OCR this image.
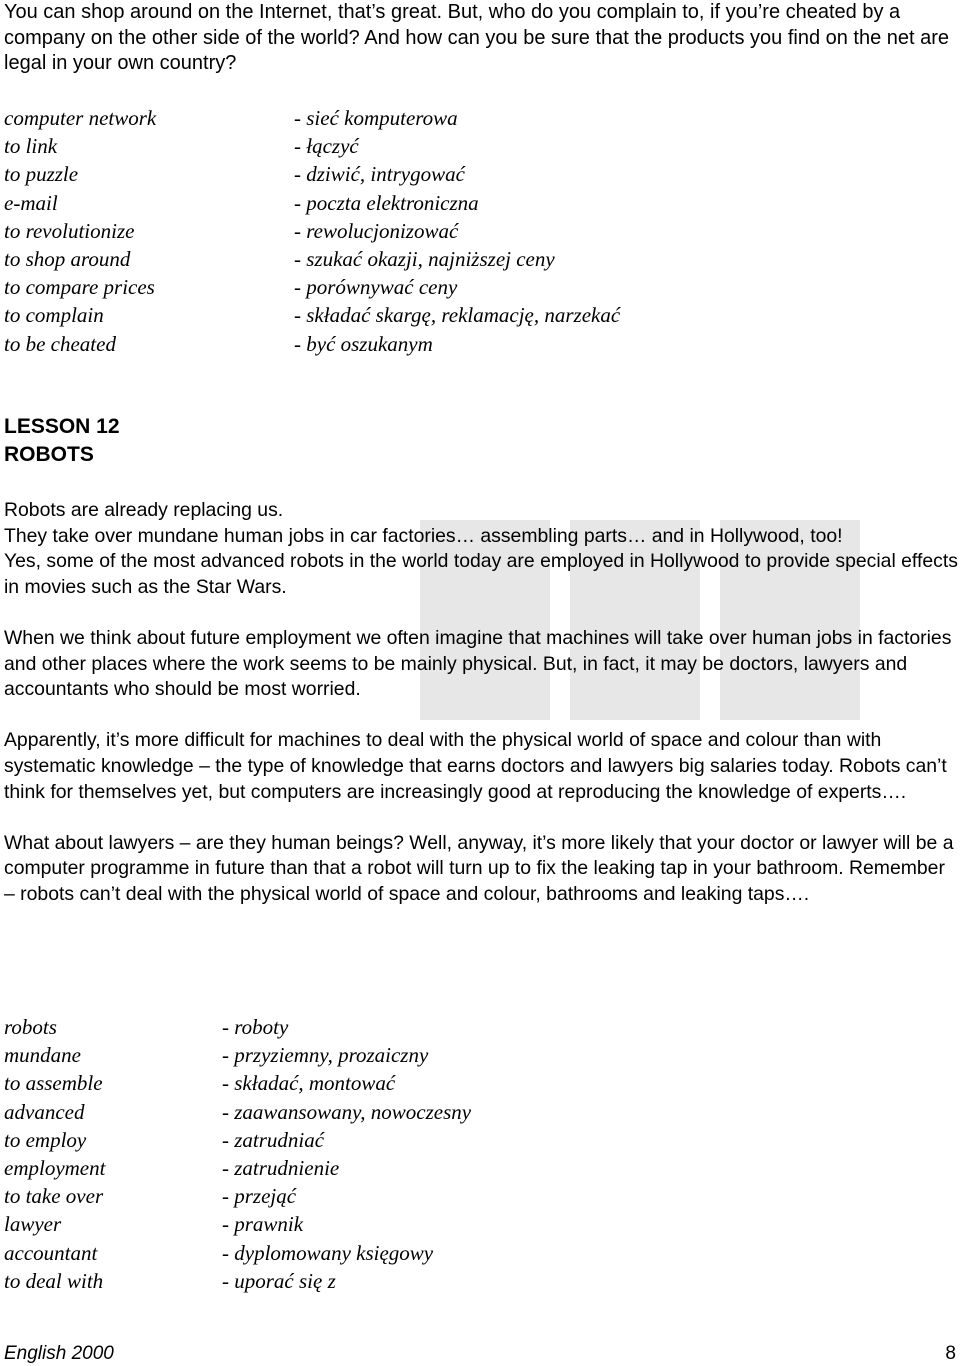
You can shop around on the Internet, that’s great. But, who do you complain to, if you’re cheated by a company on the other side of the world? And how can you be sure that the products you find on the net are legal in your own country?

computer network	- sieć komputerowa
to link	- łączyć
to puzzle	- dziwić, intrygować
e-mail	- poczta elektroniczna
to revolutionize	- rewolucjonizować
to shop around	- szukać okazji, najniższej ceny
to compare prices	- porównywać ceny
to complain	- składać skargę, reklamację, narzekać
to be cheated	- być oszukanym
LESSON 12
ROBOTS

Robots are already replacing us.

They take over mundane human jobs in car factories… assembling parts… and in Hollywood, too!

Yes, some of the most advanced robots in the world today are employed in Hollywood to provide special effects in movies such as the Star Wars.

When we think about future employment we often imagine that machines will take over human jobs in factories and other places where the work seems to be mainly physical. But, in fact, it may be doctors, lawyers and accountants who should be most worried.

Apparently, it’s more difficult for machines to deal with the physical world of space and colour than with systematic knowledge – the type of knowledge that earns doctors and lawyers big salaries today. Robots can’t think for themselves yet, but computers are increasingly good at reproducing the knowledge of experts….

What about lawyers – are they human beings? Well, anyway, it’s more likely that your doctor or lawyer will be a computer programme in future than that a robot will turn up to fix the leaking tap in your bathroom. Remember – robots can’t deal with the physical world of space and colour, bathrooms and leaking taps….

robots	- roboty
mundane	- przyziemny, prozaiczny
to assemble	- składać, montować
advanced	- zaawansowany, nowoczesny
to employ	- zatrudniać
employment	- zatrudnienie
to take over	- przejąć
lawyer	- prawnik
accountant	- dyplomowany księgowy
to deal with	- uporać się z
English 2000	8
